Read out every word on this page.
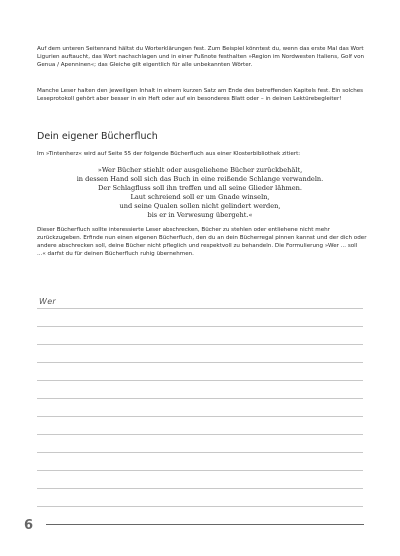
Auf dem unteren Seitenrand hältst du Worterklärungen fest. Zum Beispiel könntest du, wenn das erste Mal das Wort Ligurien auftaucht, das Wort nachschlagen und in einer Fußnote festhalten »Region im Nordwesten Italiens, Golf von Genua / Apenninen«; das Gleiche gilt eigentlich für alle unbekannten Wörter.

Manche Leser halten den jeweiligen Inhalt in einem kurzen Satz am Ende des betreffenden Kapitels fest. Ein solches Leseprotokoll gehört aber besser in ein Heft oder auf ein besonderes Blatt oder – in deinen Lektürebegleiter!

Dein eigener Bücherfluch

Im »Tintenherz« wird auf Seite 55 der folgende Bücherfluch aus einer Klosterbibliothek zitiert:

»Wer Bücher stiehlt oder ausgeliehene Bücher zurückbehält,
in dessen Hand soll sich das Buch in eine reißende Schlange verwandeln.
Der Schlagfluss soll ihn treffen und all seine Glieder lähmen.
Laut schreiend soll er um Gnade winseln,
und seine Qualen sollen nicht gelindert werden,
bis er in Verwesung übergeht.«

Dieser Bücherfluch sollte interessierte Leser abschrecken, Bücher zu stehlen oder entliehene nicht mehr zurückzugeben. Erfinde nun einen eigenen Bücherfluch, den du an dein Bücherregal pinnen kannst und der dich oder andere abschrecken soll, deine Bücher nicht pfleglich und respektvoll zu behandeln. Die Formulierung »Wer ... soll ...« darfst du für deinen Bücherfluch ruhig übernehmen.

Wer
6
